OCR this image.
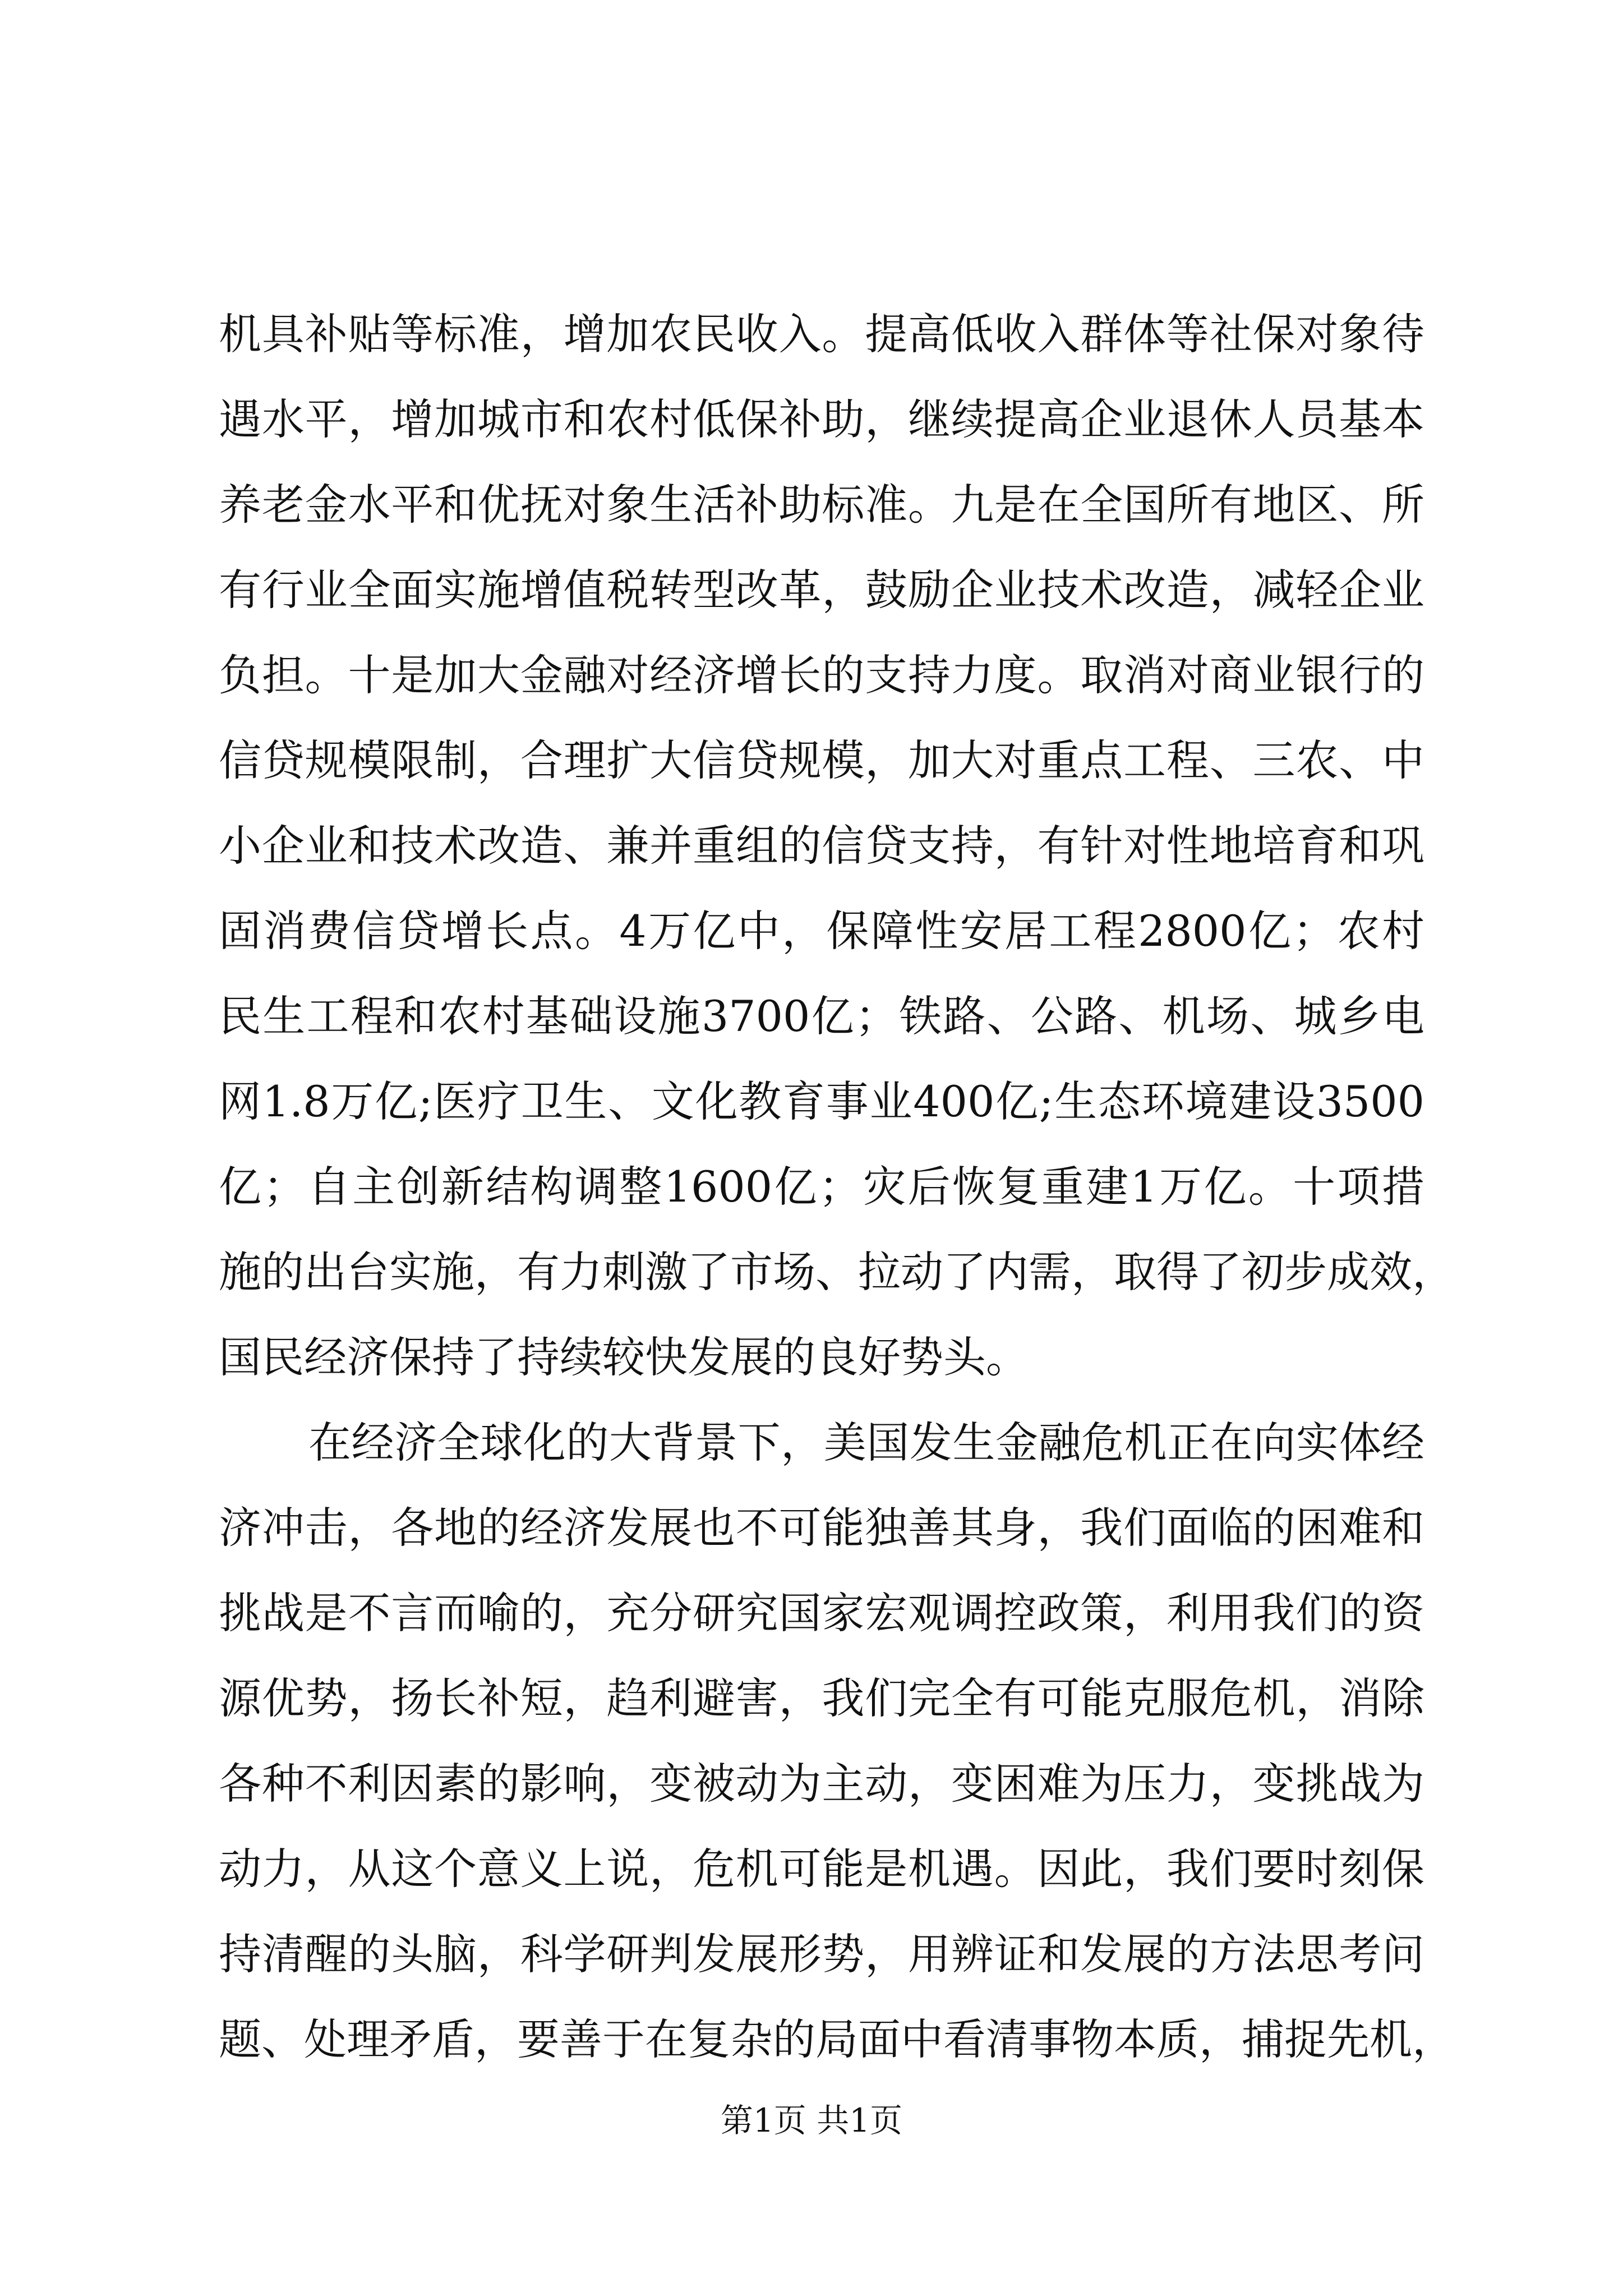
机具补贴等标准，增加农民收入。提高低收入群体等社保对象待
遇水平，增加城市和农村低保补助，继续提高企业退休人员基本
养老金水平和优抚对象生活补助标准。九是在全国所有地区、所
有行业全面实施增值税转型改革，鼓励企业技术改造，减轻企业
负担。十是加大金融对经济增长的支持力度。取消对商业银行的
信贷规模限制，合理扩大信贷规模，加大对重点工程、三农、中
小企业和技术改造、兼并重组的信贷支持，有针对性地培育和巩
固消费信贷增长点。4万亿中，保障性安居工程2800亿；农村
民生工程和农村基础设施3700亿；铁路、公路、机场、城乡电
网1.8万亿;医疗卫生、文化教育事业400亿;生态环境建设3500
亿；自主创新结构调整1600亿；灾后恢复重建1万亿。十项措
施的出台实施，有力刺激了市场、拉动了内需，取得了初步成效，
国民经济保持了持续较快发展的良好势头。
在经济全球化的大背景下，美国发生金融危机正在向实体经
济冲击，各地的经济发展也不可能独善其身，我们面临的困难和
挑战是不言而喻的，充分研究国家宏观调控政策，利用我们的资
源优势，扬长补短，趋利避害，我们完全有可能克服危机，消除
各种不利因素的影响，变被动为主动，变困难为压力，变挑战为
动力，从这个意义上说，危机可能是机遇。因此，我们要时刻保
持清醒的头脑，科学研判发展形势，用辨证和发展的方法思考问
题、处理矛盾，要善于在复杂的局面中看清事物本质，捕捉先机，
第1页 共1页
